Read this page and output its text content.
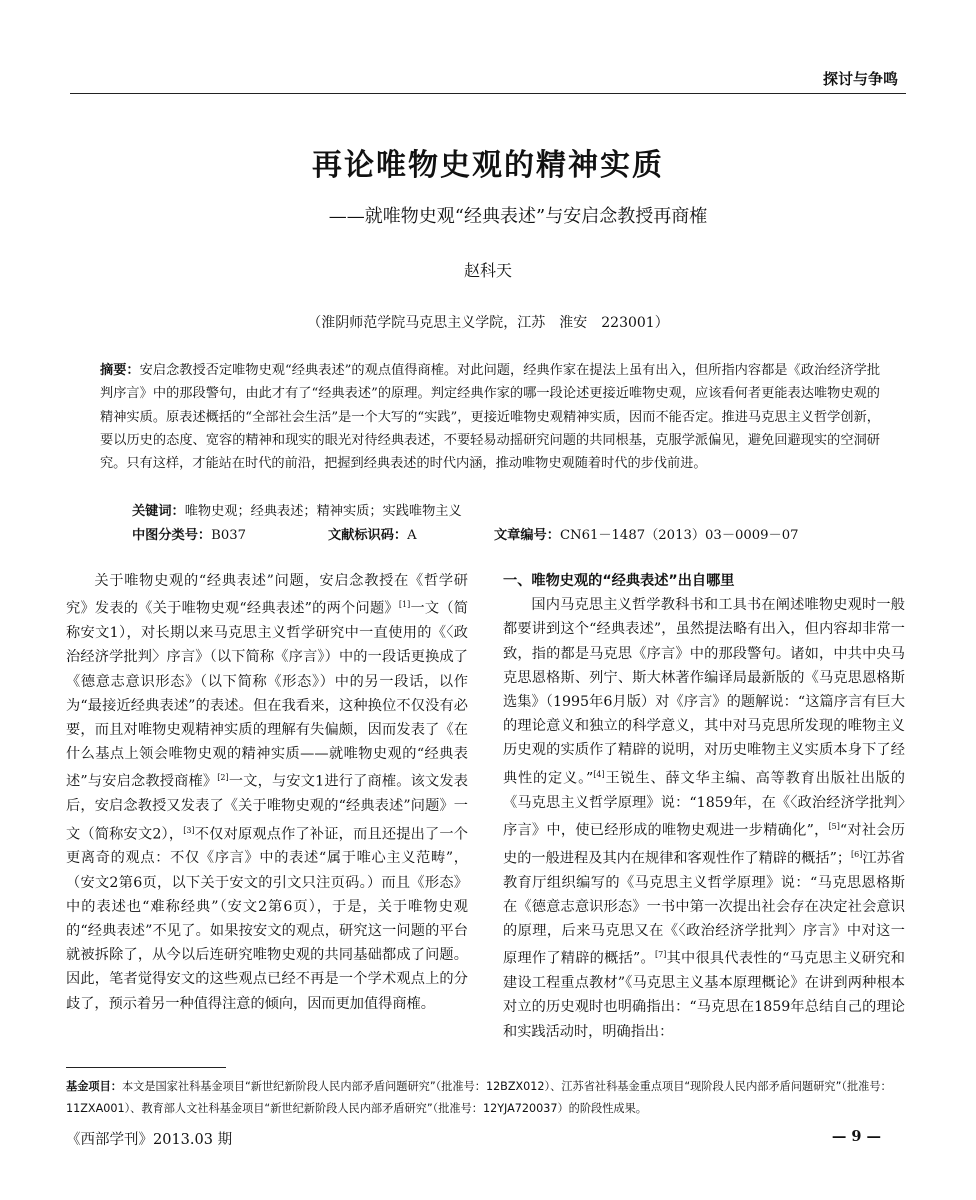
探讨与争鸣
再论唯物史观的精神实质
——就唯物史观“经典表述”与安启念教授再商榷
赵科天
（淮阴师范学院马克思主义学院，江苏　淮安　223001）
摘要：安启念教授否定唯物史观“经典表述”的观点值得商榷。对此问题，经典作家在提法上虽有出入，但所指内容都是《政治经济学批判序言》中的那段警句，由此才有了“经典表述”的原理。判定经典作家的哪一段论述更接近唯物史观，应该看何者更能表达唯物史观的精神实质。原表述概括的“全部社会生活”是一个大写的“实践”，更接近唯物史观精神实质，因而不能否定。推进马克思主义哲学创新，要以历史的态度、宽容的精神和现实的眼光对待经典表述，不要轻易动摇研究问题的共同根基，克服学派偏见，避免回避现实的空洞研究。只有这样，才能站在时代的前沿，把握到经典表述的时代内涵，推动唯物史观随着时代的步伐前进。
关键词：唯物史观；经典表述；精神实质；实践唯物主义
中图分类号：B037	文献标识码：A	文章编号：CN61－1487（2013）03－0009－07

关于唯物史观的“经典表述”问题，安启念教授在《哲学研究》发表的《关于唯物史观“经典表述”的两个问题》[1]一文（简称安文1），对长期以来马克思主义哲学研究中一直使用的《〈政治经济学批判〉序言》（以下简称《序言》）中的一段话更换成了《德意志意识形态》（以下简称《形态》）中的另一段话，以作为“最接近经典表述”的表述。但在我看来，这种换位不仅没有必要，而且对唯物史观精神实质的理解有失偏颇，因而发表了《在什么基点上领会唯物史观的精神实质——就唯物史观的“经典表述”与安启念教授商榷》[2]一文，与安文1进行了商榷。该文发表后，安启念教授又发表了《关于唯物史观的“经典表述”问题》一文（简称安文2），[3]不仅对原观点作了补证，而且还提出了一个更离奇的观点：不仅《序言》中的表述“属于唯心主义范畴”，（安文2第6页，以下关于安文的引文只注页码。）而且《形态》中的表述也“难称经典”（安文2第6页），于是，关于唯物史观的“经典表述”不见了。如果按安文的观点，研究这一问题的平台就被拆除了，从今以后连研究唯物史观的共同基础都成了问题。因此，笔者觉得安文的这些观点已经不再是一个学术观点上的分歧了，预示着另一种值得注意的倾向，因而更加值得商榷。

一、唯物史观的“经典表述”出自哪里

国内马克思主义哲学教科书和工具书在阐述唯物史观时一般都要讲到这个“经典表述”，虽然提法略有出入，但内容却非常一致，指的都是马克思《序言》中的那段警句。诸如，中共中央马克思恩格斯、列宁、斯大林著作编译局最新版的《马克思恩格斯选集》（1995年6月版）对《序言》的题解说：“这篇序言有巨大的理论意义和独立的科学意义，其中对马克思所发现的唯物主义历史观的实质作了精辟的说明，对历史唯物主义实质本身下了经典性的定义。”[4]王锐生、薛文华主编、高等教育出版社出版的《马克思主义哲学原理》说：“1859年，在《〈政治经济学批判〉序言》中，使已经形成的唯物史观进一步精确化”，[5]“对社会历史的一般进程及其内在规律和客观性作了精辟的概括”；[6]江苏省教育厅组织编写的《马克思主义哲学原理》说：“马克思恩格斯在《德意志意识形态》一书中第一次提出社会存在决定社会意识的原理，后来马克思又在《〈政治经济学批判〉序言》中对这一原理作了精辟的概括”。[7]其中很具代表性的“马克思主义研究和建设工程重点教材”《马克思主义基本原理概论》在讲到两种根本对立的历史观时也明确指出：“马克思在1859年总结自己的理论和实践活动时，明确指出：

基金项目：本文是国家社科基金项目“新世纪新阶段人民内部矛盾问题研究”（批准号：12BZX012）、江苏省社科基金重点项目“现阶段人民内部矛盾问题研究”（批准号：11ZXA001）、教育部人文社科基金项目“新世纪新阶段人民内部矛盾研究”（批准号：12YJA720037）的阶段性成果。
《西部学刊》2013.03 期	— 9 —
